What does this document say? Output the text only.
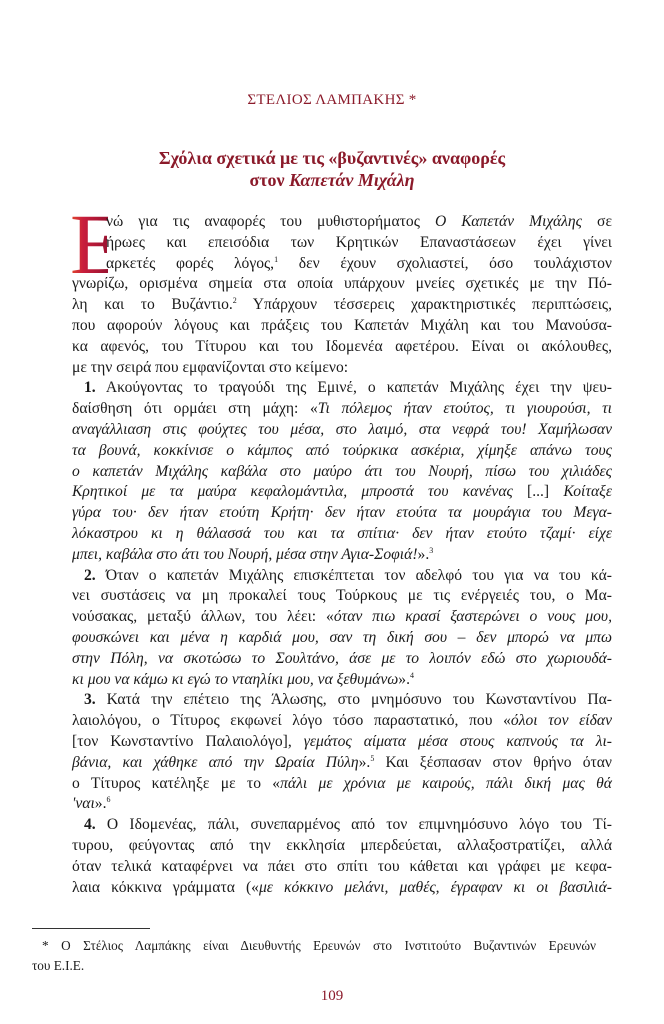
ΣΤΕΛΙΟΣ ΛΑΜΠΑΚΗΣ *
Σχόλια σχετικά με τις «βυζαντινές» αναφορές
στον Καπετάν Μιχάλη
Ε
νώ για τις αναφορές του μυθιστορήματος Ο Καπετάν Μιχάλης σε
ήρωες και επεισόδια των Κρητικών Επαναστάσεων έχει γίνει
αρκετές φορές λόγος,$^1$ δεν έχουν σχολιαστεί, όσο τουλάχιστον
γνωρίζω, ορισμένα σημεία στα οποία υπάρχουν μνείες σχετικές με την Πό-
λη και το Βυζάντιο.$^2$ Υπάρχουν τέσσερεις χαρακτηριστικές περιπτώσεις,
που αφορούν λόγους και πράξεις του Καπετάν Μιχάλη και του Μανούσα-
κα αφενός, του Τίτυρου και του Ιδομενέα αφετέρου. Είναι οι ακόλουθες,
με την σειρά που εμφανίζονται στο κείμενο:
1. Ακούγοντας το τραγούδι της Εμινέ, ο καπετάν Μιχάλης έχει την ψευ-
δαίσθηση ότι ορμάει στη μάχη: «Τι πόλεμος ήταν ετούτος, τι γιουρούσι, τι
αναγάλλιαση στις φούχτες του μέσα, στο λαιμό, στα νεφρά του! Χαμήλωσαν
τα βουνά, κοκκίνισε ο κάμπος από τούρκικα ασκέρια, χίμηξε απάνω τους
ο καπετάν Μιχάλης καβάλα στο μαύρο άτι του Νουρή, πίσω του χιλιάδες
Κρητικοί με τα μαύρα κεφαλομάντιλα, μπροστά του κανένας [...] Κοίταξε
γύρα του· δεν ήταν ετούτη Κρήτη· δεν ήταν ετούτα τα μουράγια του Μεγα-
λόκαστρου κι η θάλασσά του και τα σπίτια· δεν ήταν ετούτο τζαμί· είχε
μπει, καβάλα στο άτι του Νουρή, μέσα στην Αγια-Σοφιά!».$^3$
2. Όταν ο καπετάν Μιχάλης επισκέπτεται τον αδελφό του για να του κά-
νει συστάσεις να μη προκαλεί τους Τούρκους με τις ενέργειές του, ο Μα-
νούσακας, μεταξύ άλλων, του λέει: «όταν πιω κρασί ξαστερώνει ο νους μου,
φουσκώνει και μένα η καρδιά μου, σαν τη δική σου – δεν μπορώ να μπω
στην Πόλη, να σκοτώσω το Σουλτάνο, άσε με το λοιπόν εδώ στο χωριουδά-
κι μου να κάμω κι εγώ το νταηλίκι μου, να ξεθυμάνω».$^4$
3. Κατά την επέτειο της Άλωσης, στο μνημόσυνο του Κωνσταντίνου Πα-
λαιολόγου, ο Τίτυρος εκφωνεί λόγο τόσο παραστατικό, που «όλοι τον είδαν
[τον Κωνσταντίνο Παλαιολόγο], γεμάτος αίματα μέσα στους καπνούς τα λι-
βάνια, και χάθηκε από την Ωραία Πύλη».$^5$ Και ξέσπασαν στον θρήνο όταν
ο Τίτυρος κατέληξε με το «πάλι με χρόνια με καιρούς, πάλι δική μας θά
'ναι».$^6$
4. Ο Ιδομενέας, πάλι, συνεπαρμένος από τον επιμνημόσυνο λόγο του Τί-
τυρου, φεύγοντας από την εκκλησία μπερδεύεται, αλλαξοστρατίζει, αλλά
όταν τελικά καταφέρνει να πάει στο σπίτι του κάθεται και γράφει με κεφα-
λαια κόκκινα γράμματα («με κόκκινο μελάνι, μαθές, έγραφαν κι οι βασιλιά-
* Ο Στέλιος Λαμπάκης είναι Διευθυντής Ερευνών στο Ινστιτούτο Βυζαντινών Ερευνών
του Ε.Ι.Ε.
109
